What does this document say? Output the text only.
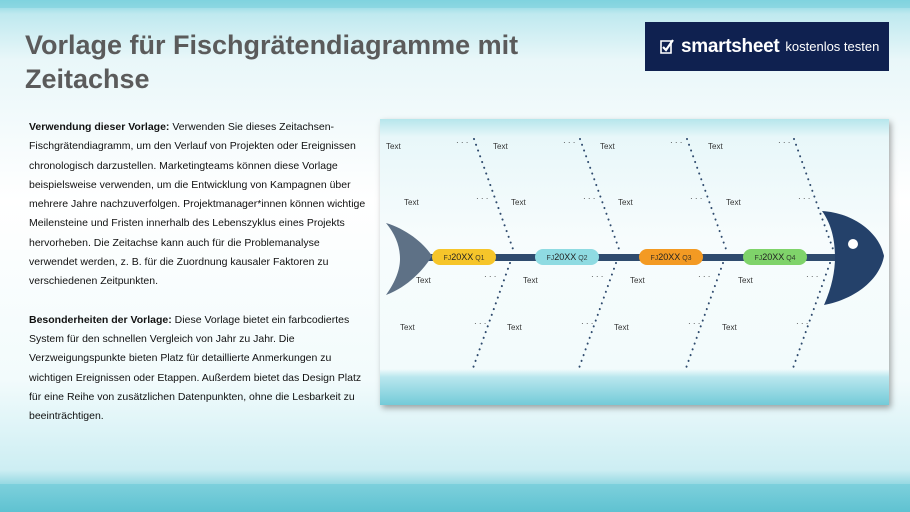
Vorlage für Fischgrätendiagramme mit Zeitachse
smartsheet kostenlos testen

Verwendung dieser Vorlage: Verwenden Sie dieses Zeitachsen-Fischgrätendiagramm, um den Verlauf von Projekten oder Ereignissen chronologisch darzustellen. Marketingteams können diese Vorlage beispielsweise verwenden, um die Entwicklung von Kampagnen über mehrere Jahre nachzuverfolgen. Projektmanager*innen können wichtige Meilensteine und Fristen innerhalb des Lebenszyklus eines Projekts hervorheben. Die Zeitachse kann auch für die Problemanalyse verwendet werden, z. B. für die Zuordnung kausaler Faktoren zu verschiedenen Zeitpunkten.

Besonderheiten der Vorlage: Diese Vorlage bietet ein farbcodiertes System für den schnellen Vergleich von Jahr zu Jahr. Die Verzweigungspunkte bieten Platz für detaillierte Anmerkungen zu wichtigen Ereignissen oder Etappen. Außerdem bietet das Design Platz für eine Reihe von zusätzlichen Datenpunkten, ohne die Lesbarkeit zu beeinträchtigen.

Text	· · ·
Text	· · ·
Text	· · ·
Text	· · ·
FJ20XX Q1
Text	· · ·
Text	· · ·
Text	· · ·
Text	· · ·
FJ20XX Q2
Text	· · ·
Text	· · ·
Text	· · ·
Text	· · ·
FJ20XX Q3
Text	· · ·
Text	· · ·
Text	· · ·
Text	· · ·
FJ20XX Q4
